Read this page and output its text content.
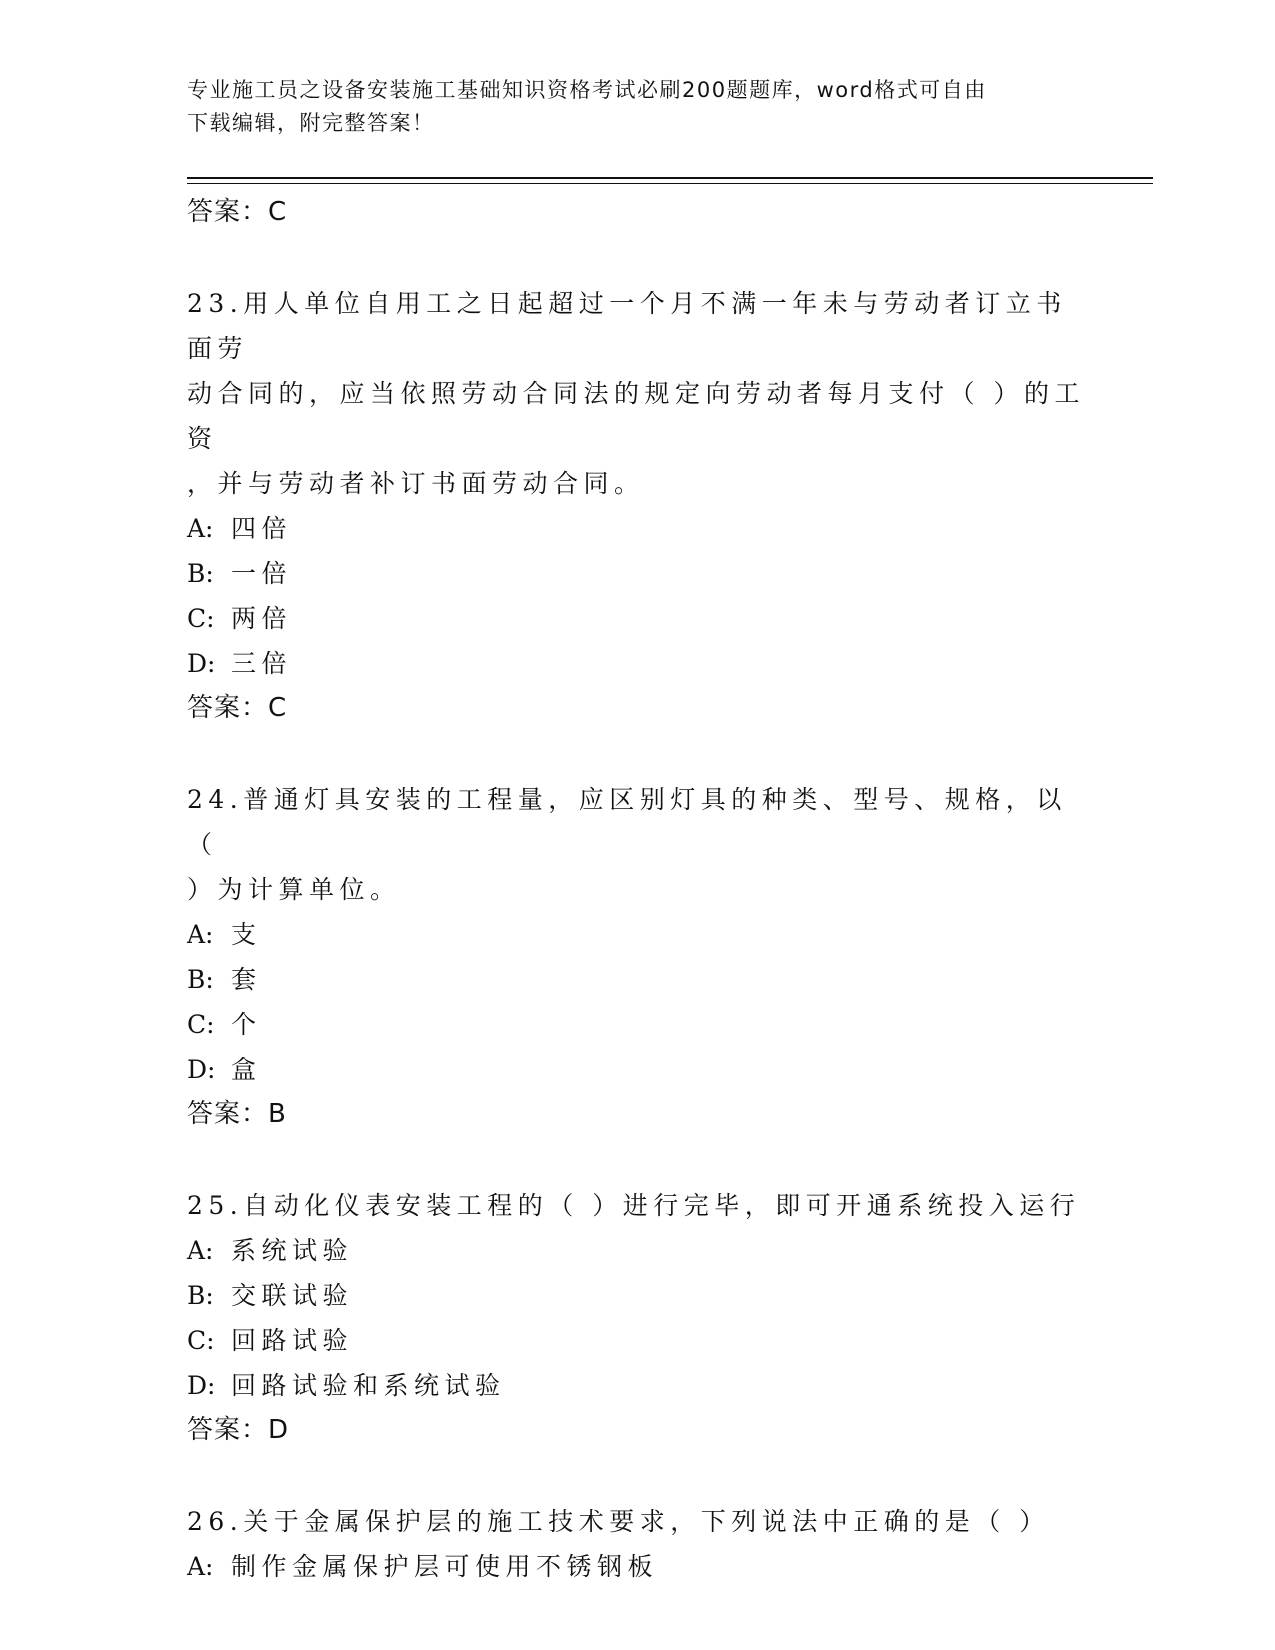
专业施工员之设备安装施工基础知识资格考试必刷200题题库，word格式可自由
下载编辑，附完整答案！
答案：C
23.用人单位自用工之日起超过一个月不满一年未与劳动者订立书面劳
动合同的，应当依照劳动合同法的规定向劳动者每月支付（ ）的工资
，并与劳动者补订书面劳动合同。
A: 四倍
B: 一倍
C: 两倍
D: 三倍
答案：C
24.普通灯具安装的工程量，应区别灯具的种类、型号、规格，以（
）为计算单位。
A: 支
B: 套
C: 个
D: 盒
答案：B
25.自动化仪表安装工程的（ ）进行完毕，即可开通系统投入运行
A: 系统试验
B: 交联试验
C: 回路试验
D: 回路试验和系统试验
答案：D
26.关于金属保护层的施工技术要求，下列说法中正确的是（ ）
A: 制作金属保护层可使用不锈钢板
